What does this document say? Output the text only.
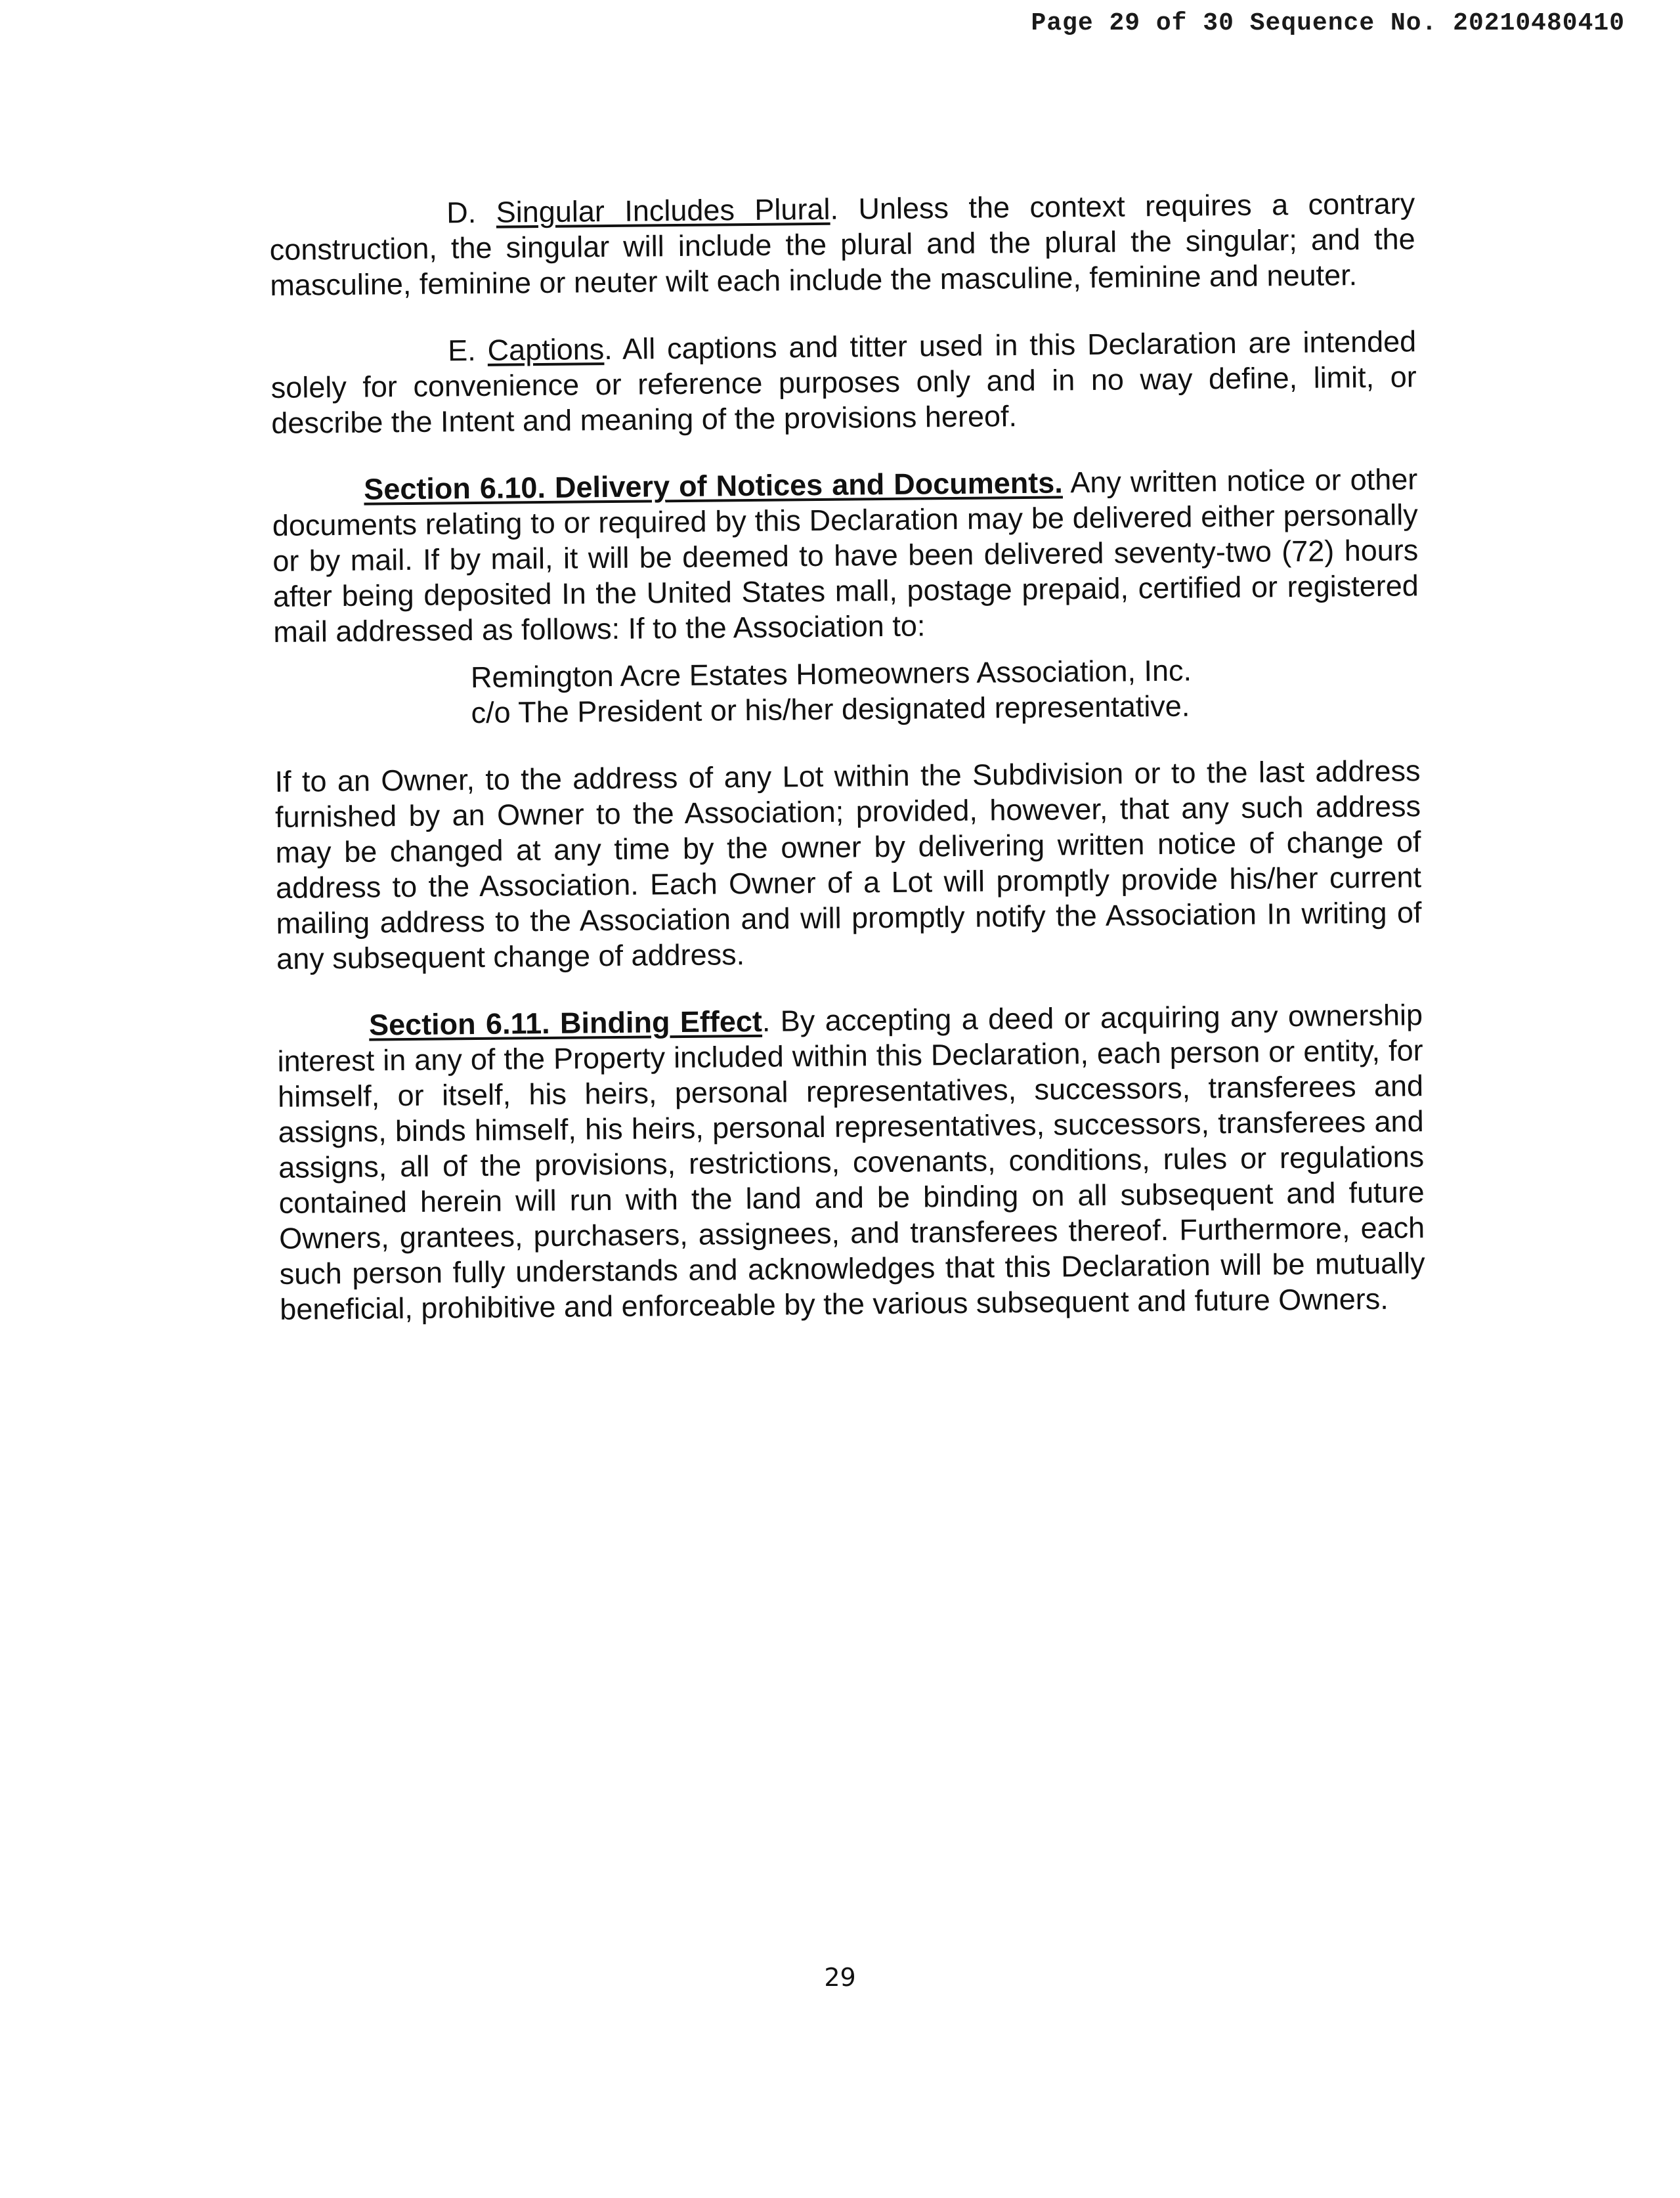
Page 29 of 30 Sequence No. 20210480410

D. Singular Includes Plural. Unless the context requires a contrary construction, the singular will include the plural and the plural the singular; and the masculine, feminine or neuter wilt each include the masculine, feminine and neuter.

E. Captions. All captions and titter used in this Declaration are intended solely for convenience or reference purposes only and in no way define, limit, or describe the Intent and meaning of the provisions hereof.

Section 6.10. Delivery of Notices and Documents. Any written notice or other documents relating to or required by this Declaration may be delivered either personally or by mail. If by mail, it will be deemed to have been delivered seventy-two (72) hours after being deposited In the United States mall, postage prepaid, certified or registered mail addressed as follows: If to the Association to:

Remington Acre Estates Homeowners Association, Inc.
c/o The President or his/her designated representative.

If to an Owner, to the address of any Lot within the Subdivision or to the last address furnished by an Owner to the Association; provided, however, that any such address may be changed at any time by the owner by delivering written notice of change of address to the Association. Each Owner of a Lot will promptly provide his/her current mailing address to the Association and will promptly notify the Association In writing of any subsequent change of address.

Section 6.11. Binding Effect. By accepting a deed or acquiring any ownership interest in any of the Property included within this Declaration, each person or entity, for himself, or itself, his heirs, personal representatives, successors, transferees and assigns, binds himself, his heirs, personal representatives, successors, transferees and assigns, all of the provisions, restrictions, covenants, conditions, rules or regulations contained herein will run with the land and be binding on all subsequent and future Owners, grantees, purchasers, assignees, and transferees thereof. Furthermore, each such person fully understands and acknowledges that this Declaration will be mutually beneficial, prohibitive and enforceable by the various subsequent and future Owners.

29
